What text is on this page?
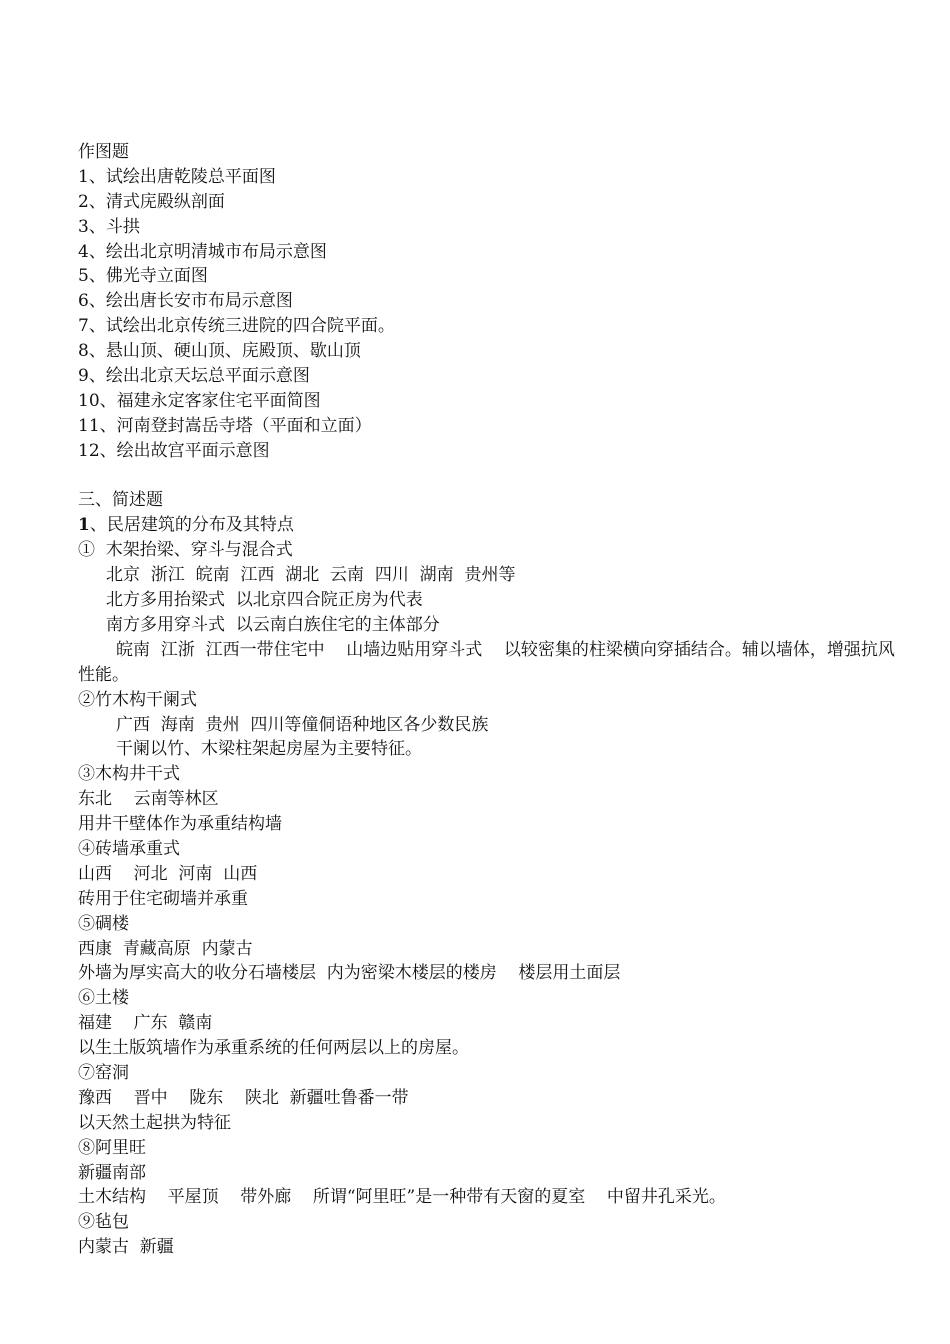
作图题
1、试绘出唐乾陵总平面图
2、清式庑殿纵剖面
3、斗拱
4、绘出北京明清城市布局示意图
5、佛光寺立面图
6、绘出唐长安市布局示意图
7、试绘出北京传统三进院的四合院平面。
8、悬山顶、硬山顶、庑殿顶、歇山顶
9、绘出北京天坛总平面示意图
10、福建永定客家住宅平面简图
11、河南登封嵩岳寺塔（平面和立面）
12、绘出故宫平面示意图
三、简述题
1、民居建筑的分布及其特点
①  木架抬梁、穿斗与混合式
北京  浙江  皖南  江西  湖北  云南  四川  湖南  贵州等
北方多用抬梁式  以北京四合院正房为代表
南方多用穿斗式  以云南白族住宅的主体部分
皖南  江浙  江西一带住宅中    山墙边贴用穿斗式    以较密集的柱梁横向穿插结合。辅以墙体，增强抗风性能。
②竹木构干阑式
广西  海南  贵州  四川等僮侗语种地区各少数民族
干阑以竹、木梁柱架起房屋为主要特征。
③木构井干式
东北    云南等林区
用井干壁体作为承重结构墙
④砖墙承重式
山西    河北  河南  山西
砖用于住宅砌墙并承重
⑤碉楼
西康  青藏高原  内蒙古
外墙为厚实高大的收分石墙楼层  内为密梁木楼层的楼房    楼层用土面层
⑥土楼
福建    广东  赣南
以生土版筑墙作为承重系统的任何两层以上的房屋。
⑦窑洞
豫西    晋中    陇东    陕北  新疆吐鲁番一带
以天然土起拱为特征
⑧阿里旺
新疆南部
土木结构    平屋顶    带外廊    所谓“阿里旺”是一种带有天窗的夏室    中留井孔采光。
⑨毡包
内蒙古  新疆
